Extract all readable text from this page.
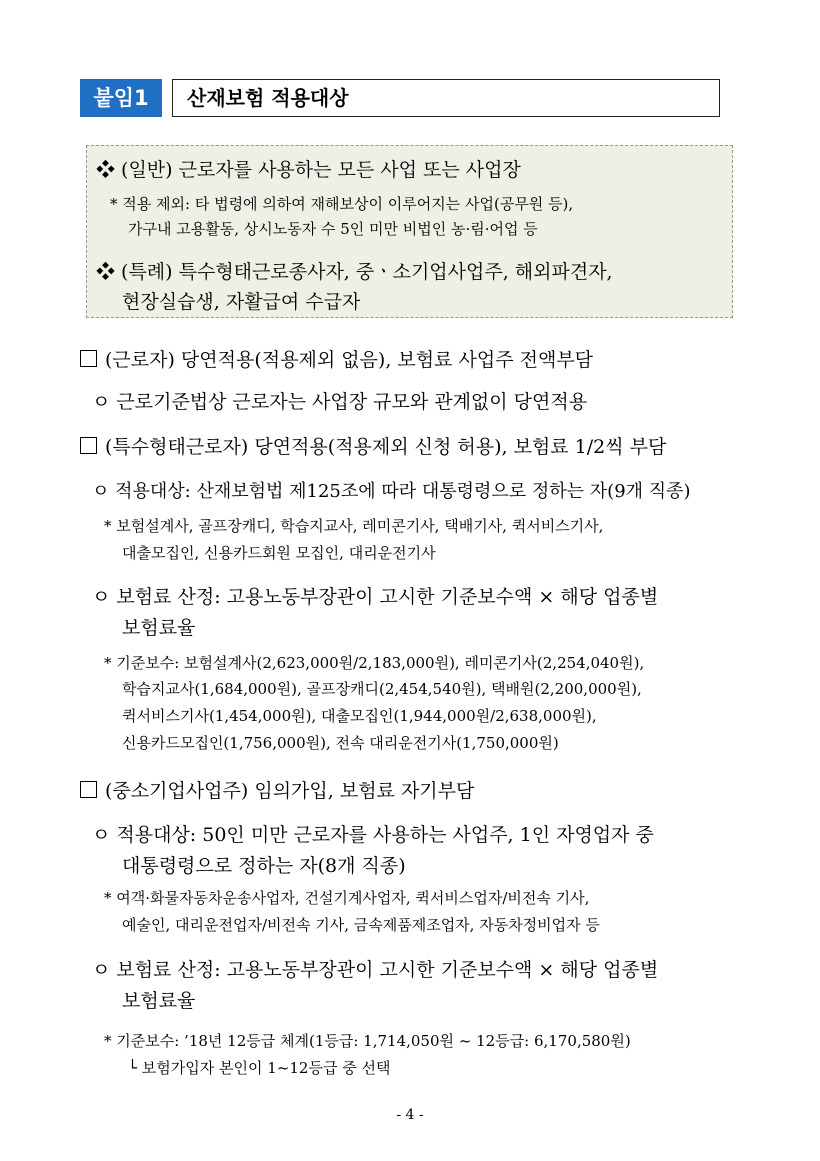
붙임1	산재보험 적용대상
❖ (일반) 근로자를 사용하는 모든 사업 또는 사업장
* 적용 제외: 타 법령에 의하여 재해보상이 이루어지는 사업(공무원 등),
가구내 고용활동, 상시노동자 수 5인 미만 비법인 농·림·어업 등
❖ (특례) 특수형태근로종사자, 중ㆍ소기업사업주, 해외파견자,
현장실습생, 자활급여 수급자
(근로자) 당연적용(적용제외 없음), 보험료 사업주 전액부담
ㅇ 근로기준법상 근로자는 사업장 규모와 관계없이 당연적용
(특수형태근로자) 당연적용(적용제외 신청 허용), 보험료 1/2씩 부담
ㅇ 적용대상: 산재보험법 제125조에 따라 대통령령으로 정하는 자(9개 직종)
* 보험설계사, 골프장캐디, 학습지교사, 레미콘기사, 택배기사, 퀵서비스기사,
대출모집인, 신용카드회원 모집인, 대리운전기사
ㅇ 보험료 산정: 고용노동부장관이 고시한 기준보수액 × 해당 업종별
보험료율
* 기준보수: 보험설계사(2,623,000원/2,183,000원), 레미콘기사(2,254,040원),
학습지교사(1,684,000원), 골프장캐디(2,454,540원), 택배원(2,200,000원),
퀵서비스기사(1,454,000원), 대출모집인(1,944,000원/2,638,000원),
신용카드모집인(1,756,000원), 전속 대리운전기사(1,750,000원)
(중소기업사업주) 임의가입, 보험료 자기부담
ㅇ 적용대상: 50인 미만 근로자를 사용하는 사업주, 1인 자영업자 중
대통령령으로 정하는 자(8개 직종)
* 여객·화물자동차운송사업자, 건설기계사업자, 퀵서비스업자/비전속 기사,
예술인, 대리운전업자/비전속 기사, 금속제품제조업자, 자동차정비업자 등
ㅇ 보험료 산정: 고용노동부장관이 고시한 기준보수액 × 해당 업종별
보험료율
* 기준보수: ’18년 12등급 체계(1등급: 1,714,050원 ~ 12등급: 6,170,580원)
└ 보험가입자 본인이 1~12등급 중 선택
- 4 -
